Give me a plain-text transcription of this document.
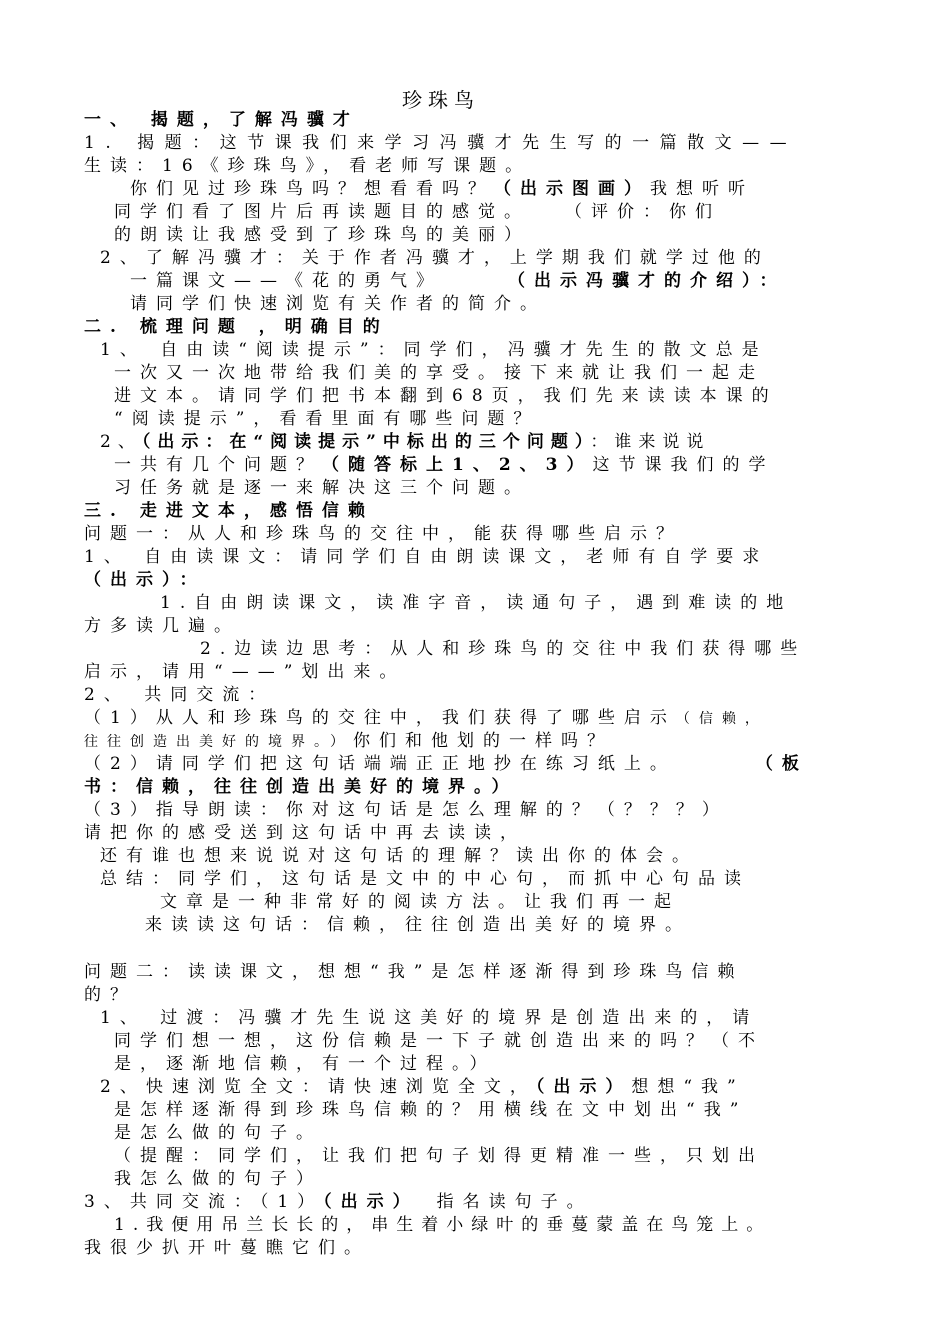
珍珠鸟
一、 揭题，了解冯骥才
1. 揭题：这节课我们来学习冯骥才先生写的一篇散文——
生读：16《珍珠鸟》，看老师写课题。
你们见过珍珠鸟吗？想看看吗？（出示图画）我想听听
同学们看了图片后再读题目的感觉。　　（评价：你们
的朗读让我感受到了珍珠鸟的美丽）
2、了解冯骥才：关于作者冯骥才，上学期我们就学过他的
一篇课文——《花的勇气》	（出示冯骥才的介绍）：
请同学们快速浏览有关作者的简介。
二. 梳理问题 ，明确目的
1、 自由读“阅读提示”：同学们，冯骥才先生的散文总是
一次又一次地带给我们美的享受。接下来就让我们一起走
进文本。请同学们把书本翻到68页，我们先来读读本课的
“阅读提示”，看看里面有哪些问题？
2、（出示：在“阅读提示”中标出的三个问题）：谁来说说
一共有几个问题？（随答标上1、2、3）这节课我们的学
习任务就是逐一来解决这三个问题。
三. 走进文本，感悟信赖
问题一：从人和珍珠鸟的交往中，能获得哪些启示？
1、 自由读课文：请同学们自由朗读课文，老师有自学要求
（出示）：
1.自由朗读课文，读准字音，读通句子，遇到难读的地
方多读几遍。
2.边读边思考：从人和珍珠鸟的交往中我们获得哪些
启示，请用“——”划出来。
2、 共同交流：
（1）从人和珍珠鸟的交往中，我们获得了哪些启示（信赖，
往往创造出美好的境界。）你们和他划的一样吗？
（2）请同学们把这句话端端正正地抄在练习纸上。	（板
书：信赖，往往创造出美好的境界。）
（3）指导朗读：你对这句话是怎么理解的？（？？？）
请把你的感受送到这句话中再去读读，
还有谁也想来说说对这句话的理解？读出你的体会。
总结：同学们，这句话是文中的中心句，而抓中心句品读
文章是一种非常好的阅读方法。让我们再一起
来读读这句话：信赖，往往创造出美好的境界。
问题二：读读课文，想想“我”是怎样逐渐得到珍珠鸟信赖
的？
1、 过渡：冯骥才先生说这美好的境界是创造出来的，请
同学们想一想，这份信赖是一下子就创造出来的吗？（不
是，逐渐地信赖，有一个过程。）
2、快速浏览全文：请快速浏览全文，（出示）想想“我”
是怎样逐渐得到珍珠鸟信赖的？用横线在文中划出“我”
是怎么做的句子。
（提醒：同学们，让我们把句子划得更精准一些，只划出
我怎么做的句子）
3、共同交流：（1）（出示） 指名读句子。
1.我便用吊兰长长的，串生着小绿叶的垂蔓蒙盖在鸟笼上。
我很少扒开叶蔓瞧它们。
